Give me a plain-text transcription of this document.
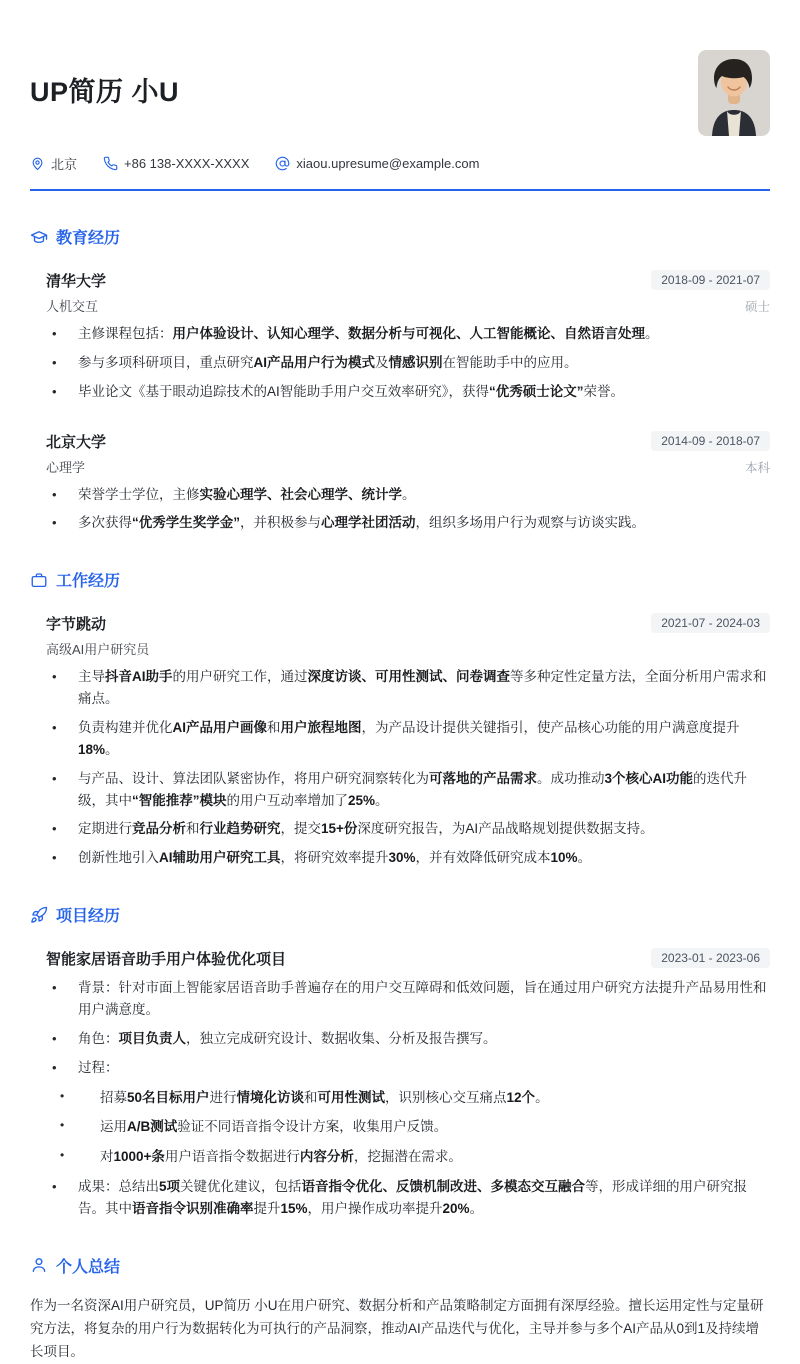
UP简历 小U
北京	+86 138-XXXX-XXXX	xiaou.upresume@example.com
教育经历
清华大学	2018-09 - 2021-07
人机交互	硕士
•	主修课程包括：用户体验设计、认知心理学、数据分析与可视化、人工智能概论、自然语言处理。
•	参与多项科研项目，重点研究AI产品用户行为模式及情感识别在智能助手中的应用。
•	毕业论文《基于眼动追踪技术的AI智能助手用户交互效率研究》，获得“优秀硕士论文”荣誉。
北京大学	2014-09 - 2018-07
心理学	本科
•	荣誉学士学位，主修实验心理学、社会心理学、统计学。
•	多次获得“优秀学生奖学金”，并积极参与心理学社团活动，组织多场用户行为观察与访谈实践。
工作经历
字节跳动	2021-07 - 2024-03
高级AI用户研究员
•	主导抖音AI助手的用户研究工作，通过深度访谈、可用性测试、问卷调查等多种定性定量方法，全面分析用户需求和痛点。
•	负责构建并优化AI产品用户画像和用户旅程地图，为产品设计提供关键指引，使产品核心功能的用户满意度提升18%。
•	与产品、设计、算法团队紧密协作，将用户研究洞察转化为可落地的产品需求。成功推动3个核心AI功能的迭代升级，其中“智能推荐”模块的用户互动率增加了25%。
•	定期进行竞品分析和行业趋势研究，提交15+份深度研究报告，为AI产品战略规划提供数据支持。
•	创新性地引入AI辅助用户研究工具，将研究效率提升30%，并有效降低研究成本10%。
项目经历
智能家居语音助手用户体验优化项目	2023-01 - 2023-06
•	背景：针对市面上智能家居语音助手普遍存在的用户交互障碍和低效问题，旨在通过用户研究方法提升产品易用性和用户满意度。
•	角色：项目负责人，独立完成研究设计、数据收集、分析及报告撰写。
•	过程：
•	招募50名目标用户进行情境化访谈和可用性测试，识别核心交互痛点12个。
•	运用A/B测试验证不同语音指令设计方案，收集用户反馈。
•	对1000+条用户语音指令数据进行内容分析，挖掘潜在需求。
•	成果：总结出5项关键优化建议，包括语音指令优化、反馈机制改进、多模态交互融合等，形成详细的用户研究报告。其中语音指令识别准确率提升15%，用户操作成功率提升20%。
个人总结
作为一名资深AI用户研究员，UP简历 小U在用户研究、数据分析和产品策略制定方面拥有深厚经验。擅长运用定性与定量研究方法，将复杂的用户行为数据转化为可执行的产品洞察，推动AI产品迭代与优化，主导并参与多个AI产品从0到1及持续增长项目。
